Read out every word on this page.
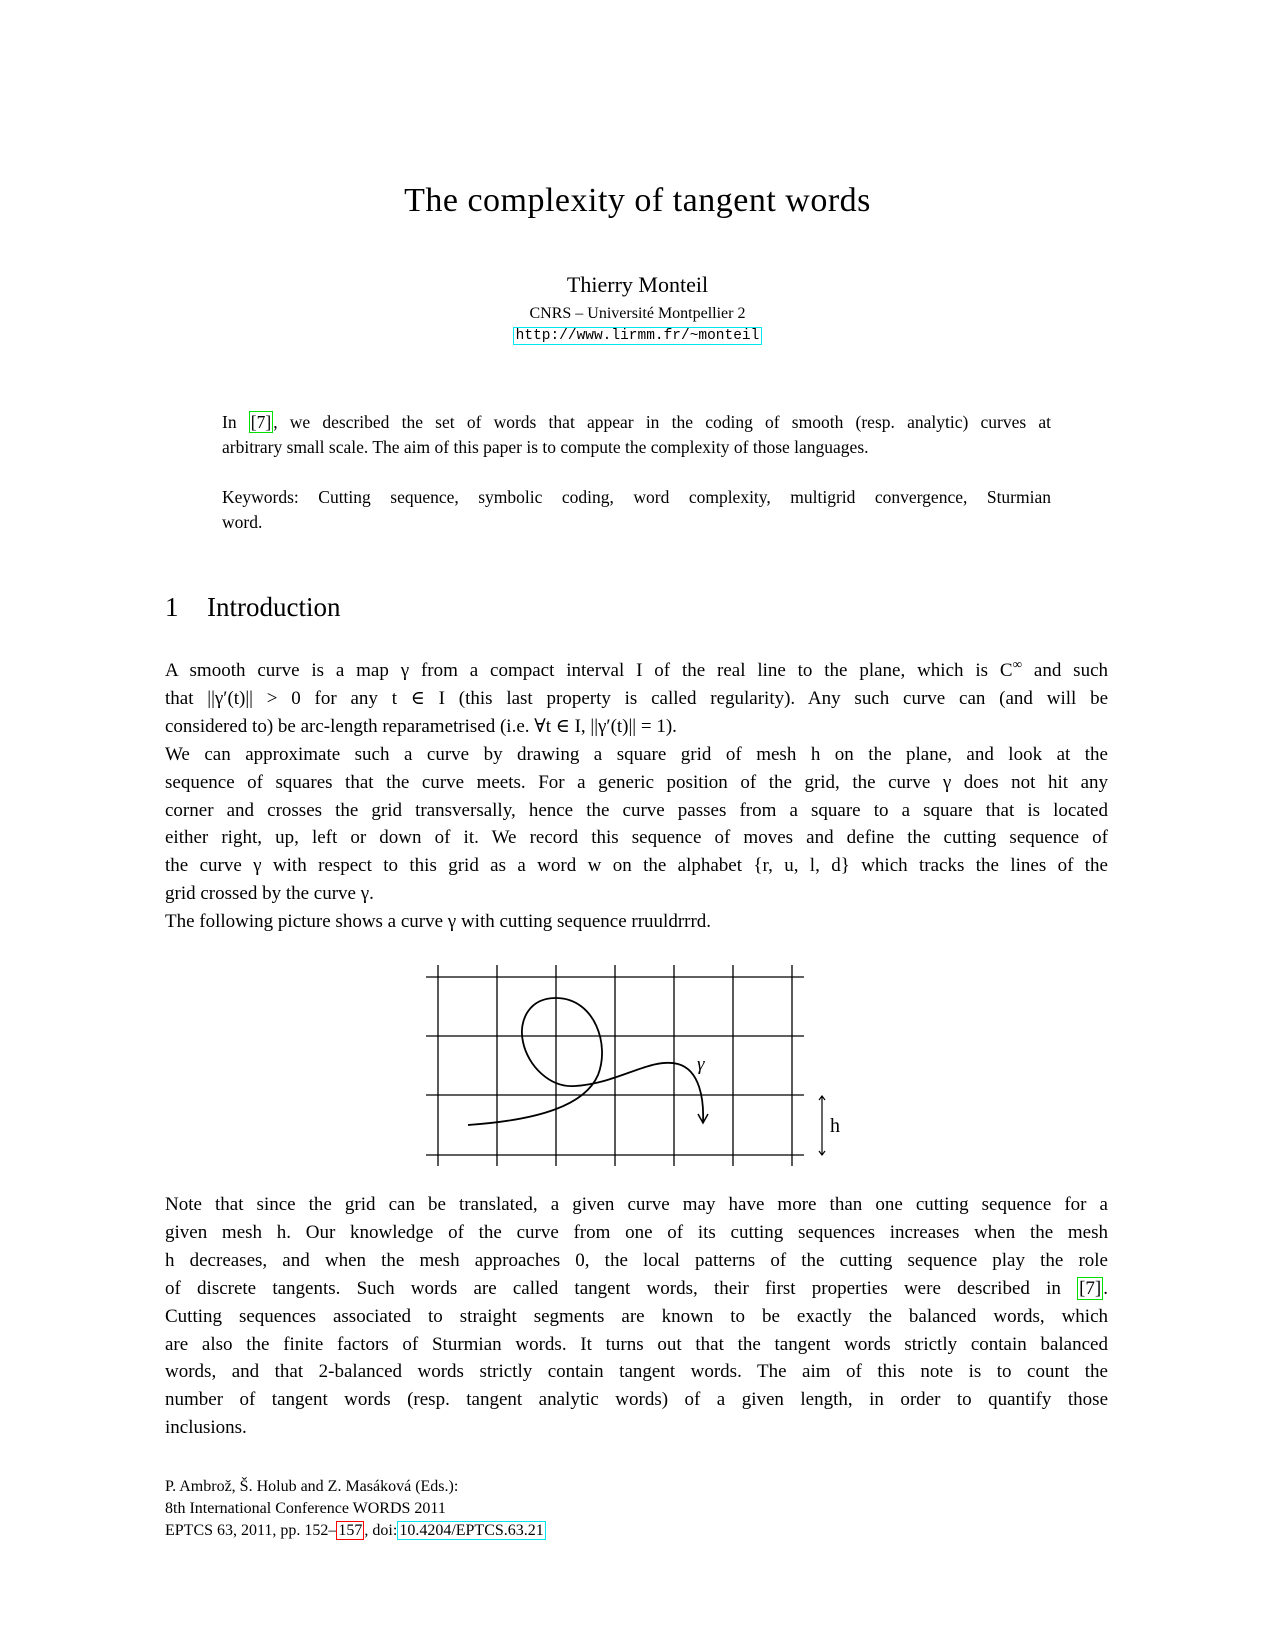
The complexity of tangent words
Thierry Monteil
CNRS – Université Montpellier 2
http://www.lirmm.fr/~monteil
In [7] , we described the set of words that appear in the coding of smooth (resp. analytic) curves at
arbitrary small scale. The aim of this paper is to compute the complexity of those languages.
Keywords: Cutting sequence, symbolic coding, word complexity, multigrid convergence, Sturmian
word.
1 Introduction
A smooth curve is a map γ from a compact interval I of the real line to the plane, which is C∞ and such
that ||γ′(t)|| > 0 for any t ∈ I (this last property is called regularity). Any such curve can (and will be
considered to) be arc-length reparametrised (i.e. ∀t ∈ I, ||γ′(t)|| = 1).
We can approximate such a curve by drawing a square grid of mesh h on the plane, and look at the
sequence of squares that the curve meets. For a generic position of the grid, the curve γ does not hit any
corner and crosses the grid transversally, hence the curve passes from a square to a square that is located
either right, up, left or down of it. We record this sequence of moves and define the cutting sequence of
the curve γ with respect to this grid as a word w on the alphabet {r, u, l, d} which tracks the lines of the
grid crossed by the curve γ.
The following picture shows a curve γ with cutting sequence rruuldrrrd.
γ
h
Note that since the grid can be translated, a given curve may have more than one cutting sequence for a
given mesh h. Our knowledge of the curve from one of its cutting sequences increases when the mesh
h decreases, and when the mesh approaches 0, the local patterns of the cutting sequence play the role
of discrete tangents. Such words are called tangent words, their first properties were described in [7] .
Cutting sequences associated to straight segments are known to be exactly the balanced words, which
are also the finite factors of Sturmian words. It turns out that the tangent words strictly contain balanced
words, and that 2-balanced words strictly contain tangent words. The aim of this note is to count the
number of tangent words (resp. tangent analytic words) of a given length, in order to quantify those
inclusions.
P. Ambrož, Š. Holub and Z. Masáková (Eds.):
8th International Conference WORDS 2011
EPTCS 63, 2011, pp. 152– 157 , doi: 10.4204/EPTCS.63.21
